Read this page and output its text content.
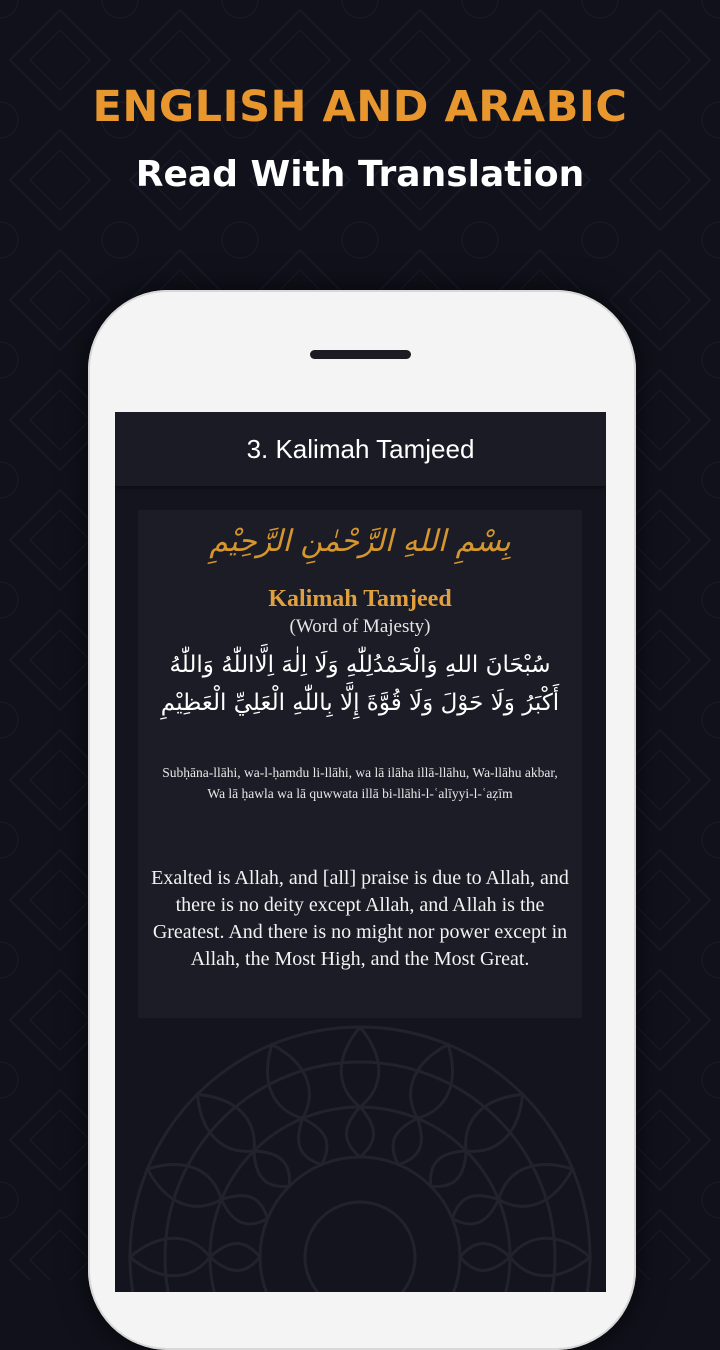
ENGLISH AND ARABIC
Read With Translation
3. Kalimah Tamjeed
بِسْمِ اللهِ الرَّحْمٰنِ الرَّحِيْمِ
Kalimah Tamjeed
(Word of Majesty)
سُبْحَانَ اللهِ وَالْحَمْدُلِلّٰهِ وَلَا اِلٰهَ اِلَّااللّٰهُ وَاللّٰهُ أَكْبَرُ وَلَا حَوْلَ وَلَا قُوَّةَ إِلَّا بِاللّٰهِ الْعَلِيِّ الْعَظِيْمِ
Subḥāna-llāhi, wa-l-ḥamdu li-llāhi, wa lā ilāha illā-llāhu, Wa-llāhu akbar, Wa lā ḥawla wa lā quwwata illā bi-llāhi-l-ʿalīyyi-l-ʿaẓīm
Exalted is Allah, and [all] praise is due to Allah, and there is no deity except Allah, and Allah is the Greatest. And there is no might nor power except in Allah, the Most High, and the Most Great.
